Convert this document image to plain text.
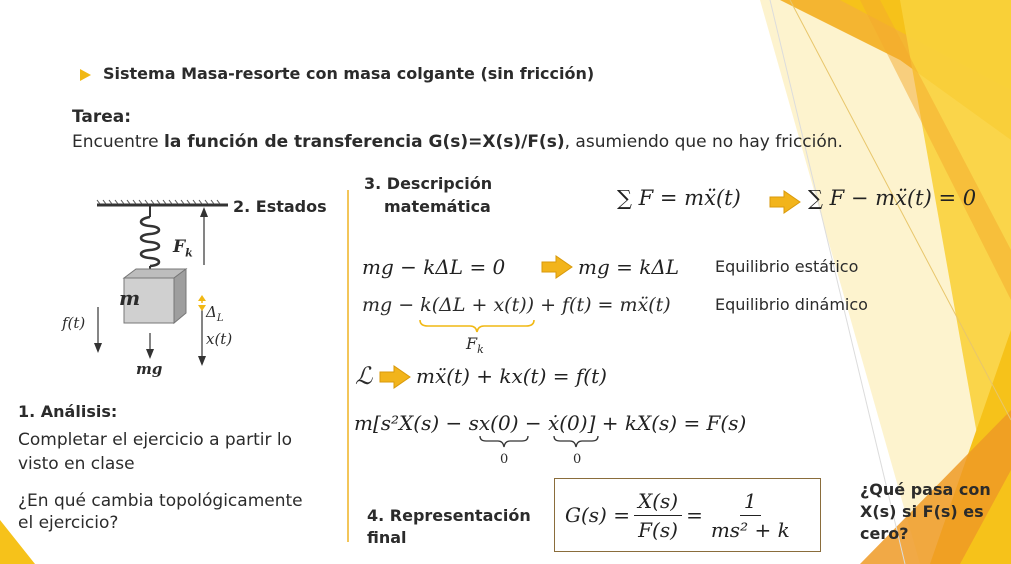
Sistema Masa-resorte con masa colgante (sin fricción)
Tarea:
Encuentre la función de transferencia G(s)=X(s)/F(s), asumiendo que no hay fricción.
$F_k$
m
$\Delta_L$
f(t)
x(t)
mg
2. Estados
1. Análisis:
Completar el ejercicio a partir lo
visto en clase
¿En qué cambia topológicamente
el ejercicio?
3. Descripción
matemática	∑ F = mẍ(t)	∑ F − mẍ(t) = 0
mg − kΔL = 0	mg = kΔL Equilibrio estático
mg − k(ΔL + x(t)) + f(t) = mẍ(t)	Equilibrio dinámico
$F_k$
ℒ mẍ(t) + kx(t) = f(t)
m[s²X(s) − sx(0) − ẋ(0)] + kX(s) = F(s)
0	0
4. Representación
final
$G(s) = \frac{X(s)}{F(s)} = \frac{1}{\text{ms² + k}}$	¿Qué pasa con
X(s) si F(s) es
cero?
